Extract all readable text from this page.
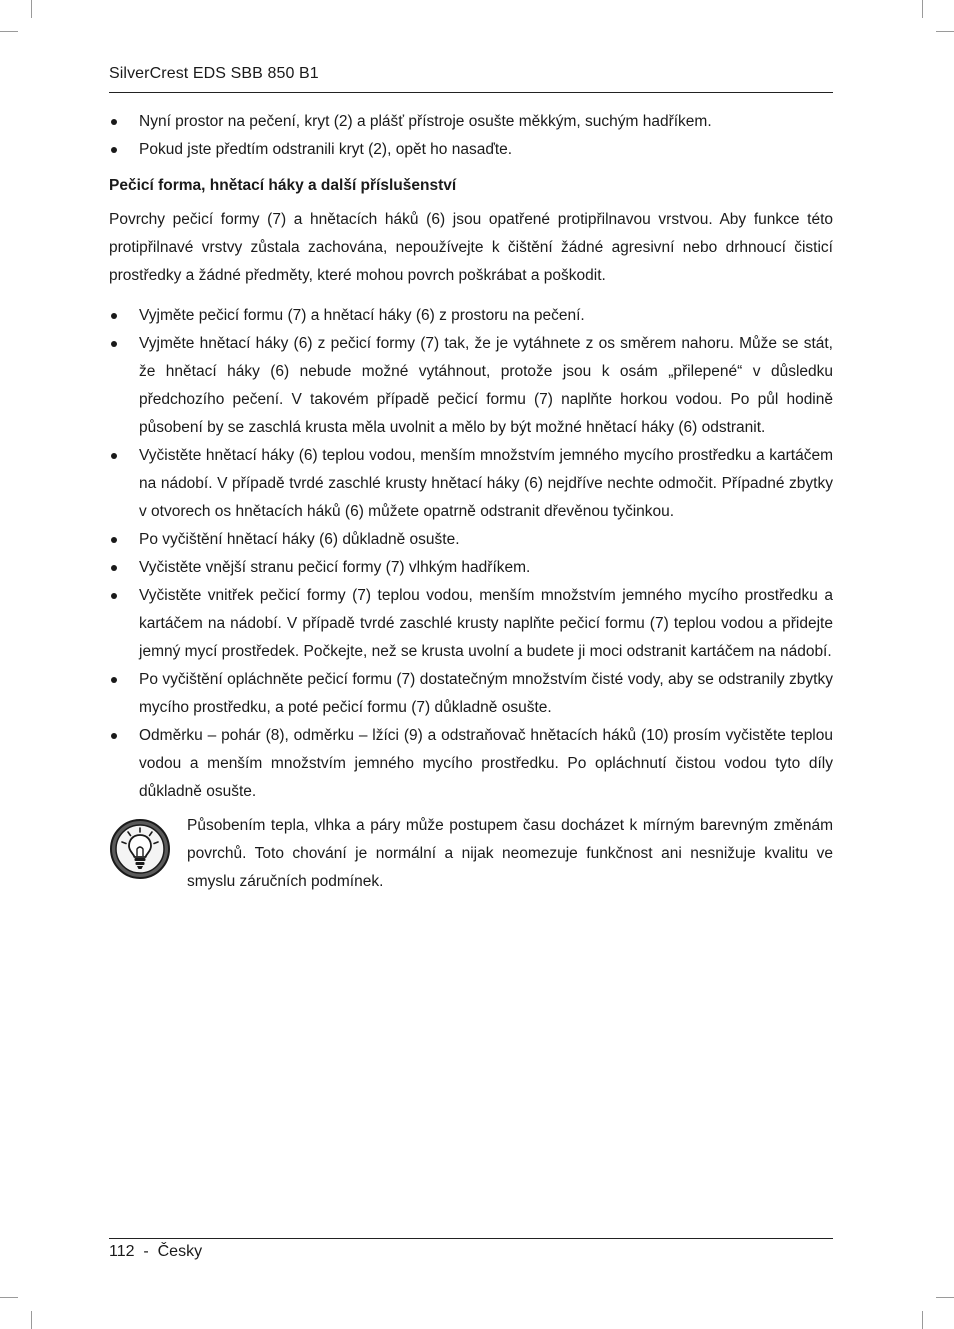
SilverCrest EDS SBB 850 B1
Nyní prostor na pečení, kryt (2) a plášť přístroje osušte měkkým, suchým hadříkem.
Pokud jste předtím odstranili kryt (2), opět ho nasaďte.
Pečicí forma, hnětací háky a další příslušenství

Povrchy pečicí formy (7) a hnětacích háků (6) jsou opatřené protipřilnavou vrstvou. Aby funkce této protipřilnavé vrstvy zůstala zachována, nepoužívejte k čištění žádné agresivní nebo drhnoucí čisticí prostředky a žádné předměty, které mohou povrch poškrábat a poškodit.

Vyjměte pečicí formu (7) a hnětací háky (6) z prostoru na pečení.
Vyjměte hnětací háky (6) z pečicí formy (7) tak, že je vytáhnete z os směrem nahoru. Může se stát, že hnětací háky (6) nebude možné vytáhnout, protože jsou k osám „přilepené“ v důsledku předchozího pečení. V takovém případě pečicí formu (7) naplňte horkou vodou. Po půl hodině působení by se zaschlá krusta měla uvolnit a mělo by být možné hnětací háky (6) odstranit.
Vyčistěte hnětací háky (6) teplou vodou, menším množstvím jemného mycího prostředku a kartáčem na nádobí. V případě tvrdé zaschlé krusty hnětací háky (6) nejdříve nechte odmočit. Případné zbytky v otvorech os hnětacích háků (6) můžete opatrně odstranit dřevěnou tyčinkou.
Po vyčištění hnětací háky (6) důkladně osušte.
Vyčistěte vnější stranu pečicí formy (7) vlhkým hadříkem.
Vyčistěte vnitřek pečicí formy (7) teplou vodou, menším množstvím jemného mycího prostředku a kartáčem na nádobí. V případě tvrdé zaschlé krusty naplňte pečicí formu (7) teplou vodou a přidejte jemný mycí prostředek. Počkejte, než se krusta uvolní a budete ji moci odstranit kartáčem na nádobí.
Po vyčištění opláchněte pečicí formu (7) dostatečným množstvím čisté vody, aby se odstranily zbytky mycího prostředku, a poté pečicí formu (7) důkladně osušte.
Odměrku – pohár (8), odměrku – lžíci (9) a odstraňovač hnětacích háků (10) prosím vyčistěte teplou vodou a menším množstvím jemného mycího prostředku. Po opláchnutí čistou vodou tyto díly důkladně osušte.
Působením tepla, vlhka a páry může postupem času docházet k mírným barevným změnám povrchů. Toto chování je normální a nijak neomezuje funkčnost ani nesnižuje kvalitu ve smyslu záručních podmínek.
112  -  Česky
